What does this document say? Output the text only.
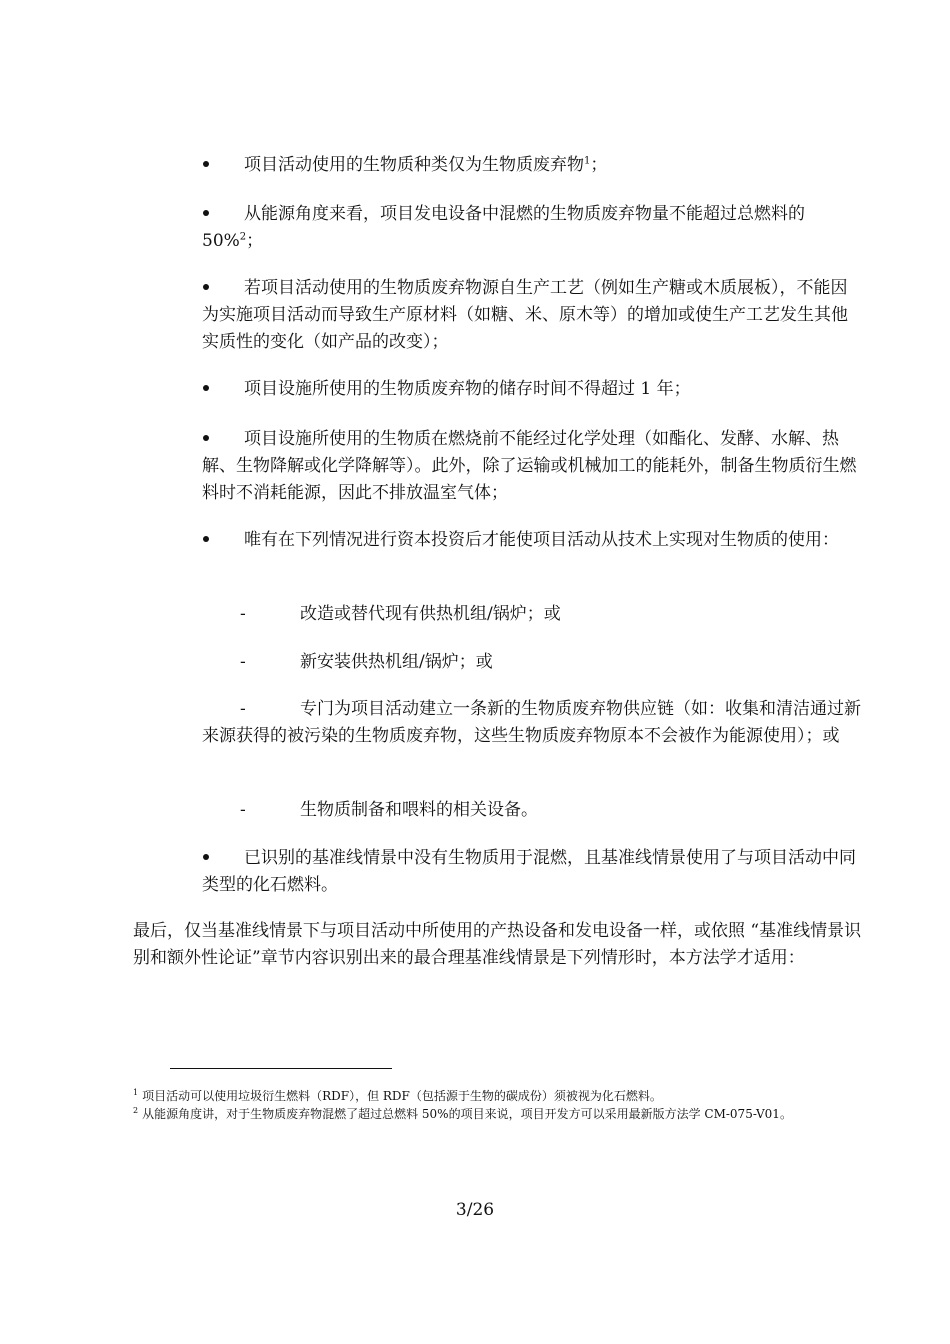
项目活动使用的生物质种类仅为生物质废弃物$^1$；
从能源角度来看，项目发电设备中混燃的生物质废弃物量不能超过总燃料的 50%$^2$；
若项目活动使用的生物质废弃物源自生产工艺（例如生产糖或木质展板），不能因为实施项目活动而导致生产原材料（如糖、米、原木等）的增加或使生产工艺发生其他实质性的变化（如产品的改变）；
项目设施所使用的生物质废弃物的储存时间不得超过 1 年；
项目设施所使用的生物质在燃烧前不能经过化学处理（如酯化、发酵、水解、热解、生物降解或化学降解等）。此外，除了运输或机械加工的能耗外，制备生物质衍生燃料时不消耗能源，因此不排放温室气体；
唯有在下列情况进行资本投资后才能使项目活动从技术上实现对生物质的使用：
-	改造或替代现有供热机组/锅炉；或
-	新安装供热机组/锅炉；或
-	专门为项目活动建立一条新的生物质废弃物供应链（如：收集和清洁通过新来源获得的被污染的生物质废弃物，这些生物质废弃物原本不会被作为能源使用）；或
-	生物质制备和喂料的相关设备。
已识别的基准线情景中没有生物质用于混燃，且基准线情景使用了与项目活动中同类型的化石燃料。
最后，仅当基准线情景下与项目活动中所使用的产热设备和发电设备一样，或依照 “基准线情景识别和额外性论证”章节内容识别出来的最合理基准线情景是下列情形时，本方法学才适用：
$^1$ 项目活动可以使用垃圾衍生燃料（RDF），但 RDF（包括源于生物的碳成份）须被视为化石燃料。
$^2$ 从能源角度讲，对于生物质废弃物混燃了超过总燃料 50%的项目来说，项目开发方可以采用最新版方法学 CM-075-V01。
3/26
